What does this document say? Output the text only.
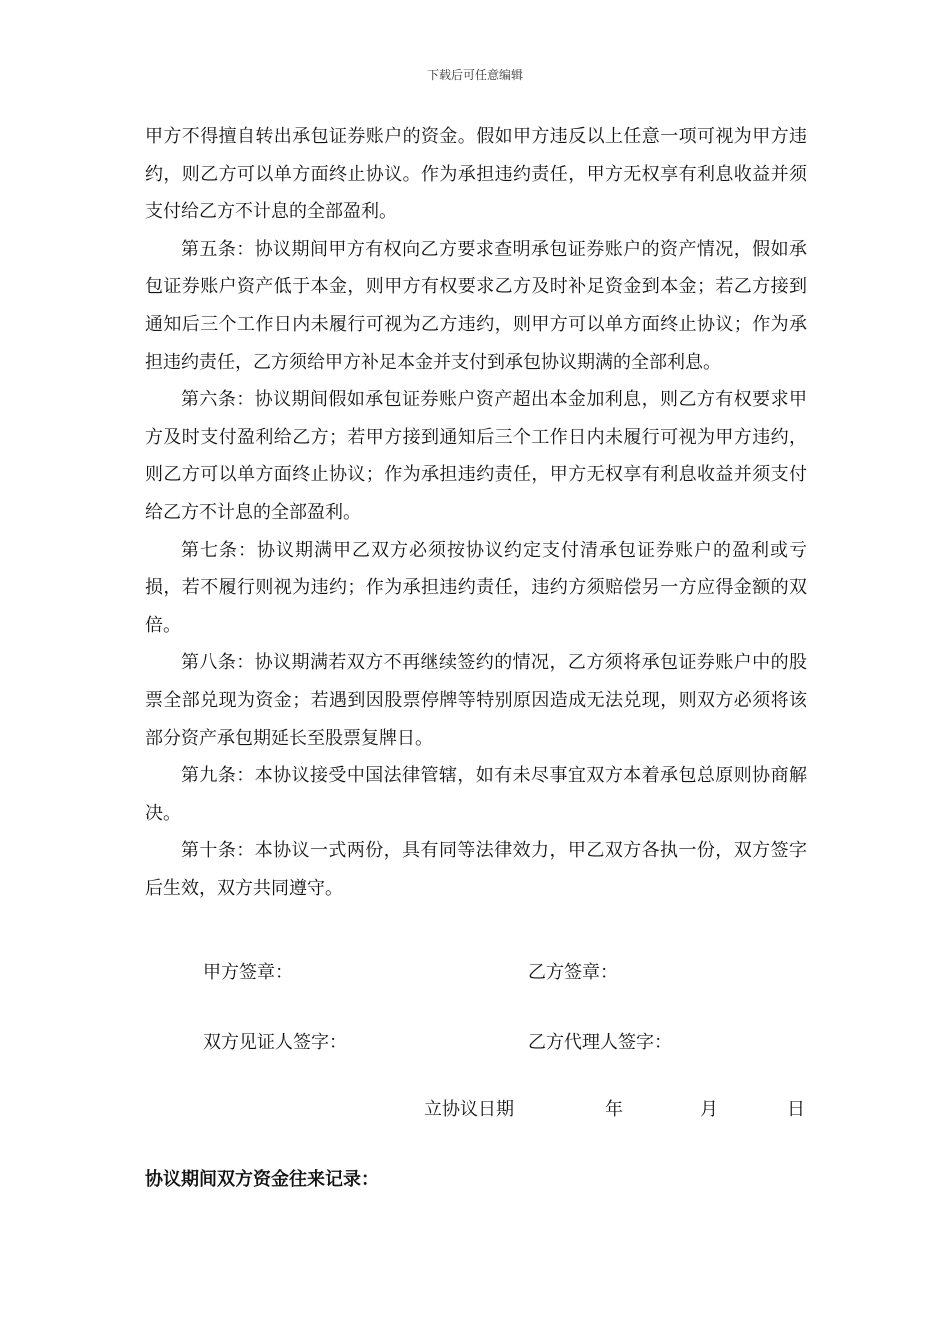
下载后可任意编辑

甲方不得擅自转出承包证券账户的资金。假如甲方违反以上任意一项可视为甲方违约，则乙方可以单方面终止协议。作为承担违约责任，甲方无权享有利息收益并须支付给乙方不计息的全部盈利。

第五条：协议期间甲方有权向乙方要求查明承包证券账户的资产情况，假如承包证券账户资产低于本金，则甲方有权要求乙方及时补足资金到本金；若乙方接到通知后三个工作日内未履行可视为乙方违约，则甲方可以单方面终止协议；作为承担违约责任，乙方须给甲方补足本金并支付到承包协议期满的全部利息。

第六条：协议期间假如承包证券账户资产超出本金加利息，则乙方有权要求甲方及时支付盈利给乙方；若甲方接到通知后三个工作日内未履行可视为甲方违约，则乙方可以单方面终止协议；作为承担违约责任，甲方无权享有利息收益并须支付给乙方不计息的全部盈利。

第七条：协议期满甲乙双方必须按协议约定支付清承包证券账户的盈利或亏损，若不履行则视为违约；作为承担违约责任，违约方须赔偿另一方应得金额的双倍。

第八条：协议期满若双方不再继续签约的情况，乙方须将承包证券账户中的股票全部兑现为资金；若遇到因股票停牌等特别原因造成无法兑现，则双方必须将该部分资产承包期延长至股票复牌日。

第九条：本协议接受中国法律管辖，如有未尽事宜双方本着承包总原则协商解决。

第十条：本协议一式两份，具有同等法律效力，甲乙双方各执一份，双方签字后生效，双方共同遵守。

甲方签章：	乙方签章：
双方见证人签字：	乙方代理人签字：
立协议日期	年	月	日
协议期间双方资金往来记录：
